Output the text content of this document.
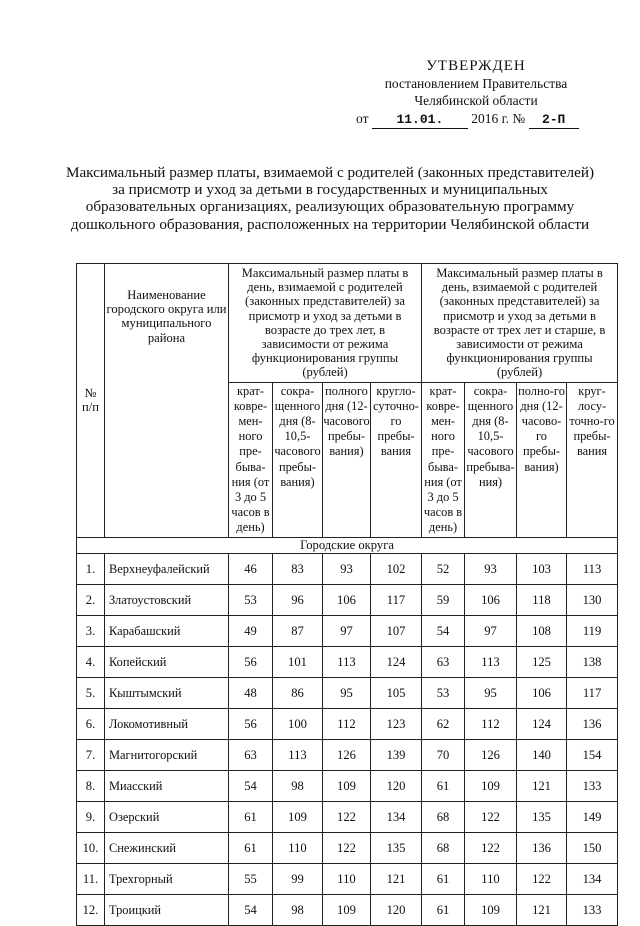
УТВЕРЖДЕН
постановлением Правительства
Челябинской области
от 11.01. 2016 г. № 2-П
Максимальный размер платы, взимаемой с родителей (законных представителей) за присмотр и уход за детьми в государственных и муниципальных образовательных организациях, реализующих образовательную программу дошкольного образования, расположенных на территории Челябинской области
№ п/п	Наименование городского округа или муниципального района	Максимальный размер платы в день, взимаемой с родителей (законных представителей) за присмотр и уход за детьми в возрасте до трех лет, в зависимости от режима функционирования группы (рублей)				Максимальный размер платы в день, взимаемой с родителей (законных представителей) за присмотр и уход за детьми в возрасте от трех лет и старше, в зависимости от режима функционирования группы (рублей)			
		крат-ковре-мен-ного пре-быва-ния (от 3 до 5 часов в день)	сокра-щенного дня (8-10,5-часового пребы-вания)	полного дня (12-часового пребы-вания)	кругло-суточно-го пребы-вания	крат-ковре-мен-ного пре-быва-ния (от 3 до 5 часов в день)	сокра-щенного дня (8-10,5-часового пребыва-ния)	полно-го дня (12-часово-го пребы-вания)	круг-лосу-точно-го пребы-вания
Городские округа									
1.	Верхнеуфалейский	46	83	93	102	52	93	103	113
2.	Златоустовский	53	96	106	117	59	106	118	130
3.	Карабашский	49	87	97	107	54	97	108	119
4.	Копейский	56	101	113	124	63	113	125	138
5.	Кыштымский	48	86	95	105	53	95	106	117
6.	Локомотивный	56	100	112	123	62	112	124	136
7.	Магнитогорский	63	113	126	139	70	126	140	154
8.	Миасский	54	98	109	120	61	109	121	133
9.	Озерский	61	109	122	134	68	122	135	149
10.	Снежинский	61	110	122	135	68	122	136	150
11.	Трехгорный	55	99	110	121	61	110	122	134
12.	Троицкий	54	98	109	120	61	109	121	133
